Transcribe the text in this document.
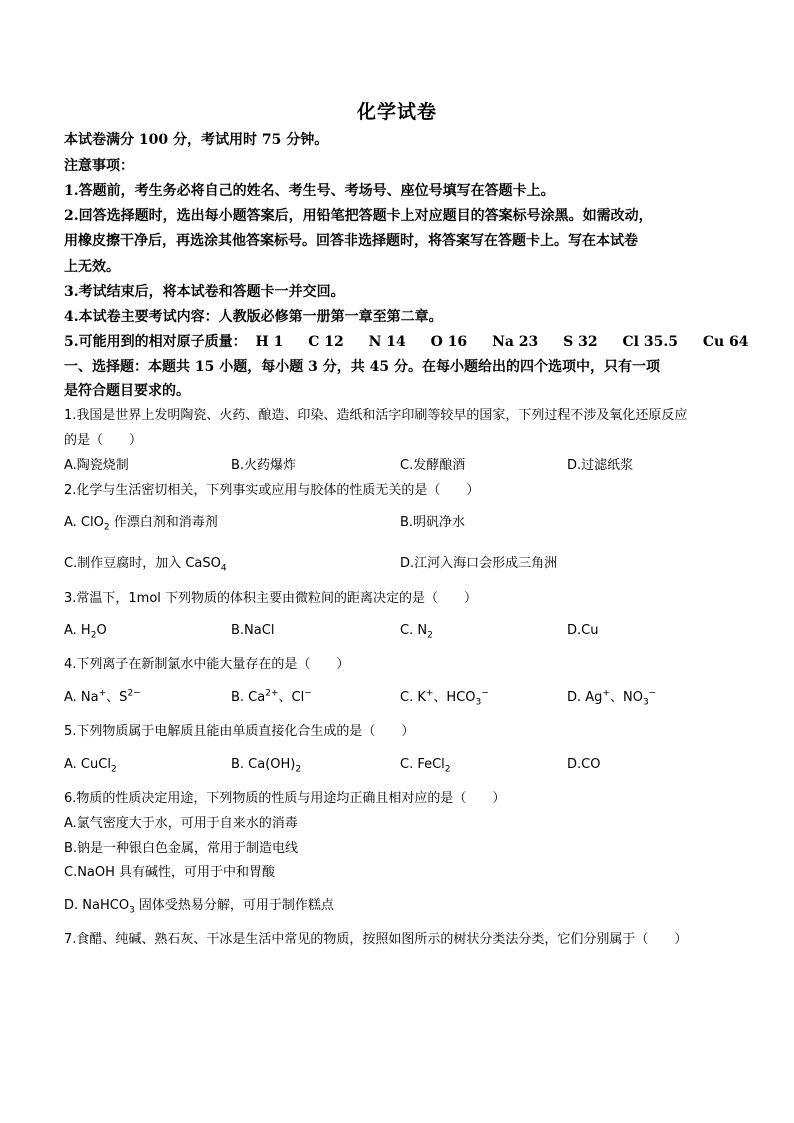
化学试卷
本试卷满分 100 分，考试用时 75 分钟。
注意事项：
1.答题前，考生务必将自己的姓名、考生号、考场号、座位号填写在答题卡上。
2.回答选择题时，选出每小题答案后，用铅笔把答题卡上对应题目的答案标号涂黑。如需改动，
用橡皮擦干净后，再选涂其他答案标号。回答非选择题时，将答案写在答题卡上。写在本试卷
上无效。
3.考试结束后，将本试卷和答题卡一并交回。
4.本试卷主要考试内容：人教版必修第一册第一章至第二章。
5.可能用到的相对原子质量： H 1 C 12 N 14 O 16 Na 23 S 32 Cl 35.5 Cu 64
一、选择题：本题共 15 小题，每小题 3 分，共 45 分。在每小题给出的四个选项中，只有一项
是符合题目要求的。
1.我国是世界上发明陶瓷、火药、酿造、印染、造纸和活字印刷等较早的国家，下列过程不涉及氧化还原反应
的是（　　）
A.陶瓷烧制	B.火药爆炸	C.发酵酿酒	D.过滤纸浆
2.化学与生活密切相关，下列事实或应用与胶体的性质无关的是（　　）
A. ClO$_2$ 作漂白剂和消毒剂	B.明矾净水
C.制作豆腐时，加入 CaSO$_4$	D.江河入海口会形成三角洲
3.常温下，1mol 下列物质的体积主要由微粒间的距离决定的是（　　）
A. $H_2O$	B.NaCl	C. $N_2$	D.Cu
4.下列离子在新制氯水中能大量存在的是（　　）
A. Na+、$S^{2-}$	B. $Ca^{2+}$、Cl−	C. K+、$HCO_3^-$	D. Ag+、$NO_3^-$
5.下列物质属于电解质且能由单质直接化合生成的是（　　）
A. CuCl$_2$	B. $Ca(OH)_2$	C. FeCl$_2$	D.CO
6.物质的性质决定用途，下列物质的性质与用途均正确且相对应的是（　　）
A.氯气密度大于水，可用于自来水的消毒
B.钠是一种银白色金属，常用于制造电线
C.NaOH 具有碱性，可用于中和胃酸
D. NaHCO$_3$ 固体受热易分解，可用于制作糕点
7.食醋、纯碱、熟石灰、干冰是生活中常见的物质，按照如图所示的树状分类法分类，它们分别属于（　　）
